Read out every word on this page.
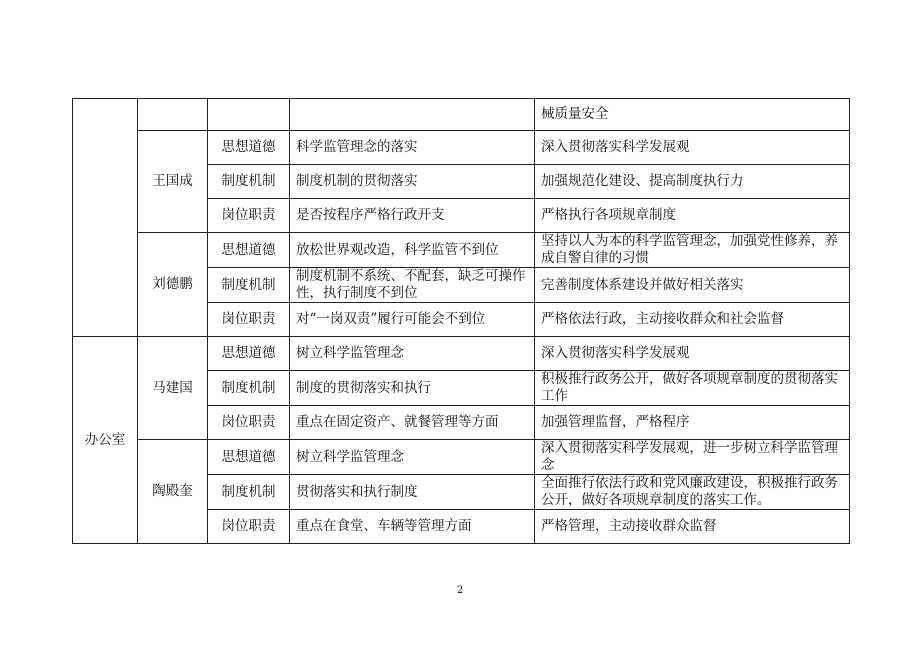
				械质量安全
	王国成	思想道德	科学监管理念的落实	深入贯彻落实科学发展观
		制度机制	制度机制的贯彻落实	加强规范化建设、提高制度执行力
		岗位职责	是否按程序严格行政开支	严格执行各项规章制度
	刘德鹏	思想道德	放松世界观改造，科学监管不到位	坚持以人为本的科学监管理念，加强党性修养，养成自警自律的习惯
		制度机制	制度机制不系统、不配套，缺乏可操作性，执行制度不到位	完善制度体系建设并做好相关落实
		岗位职责	对“一岗双责”履行可能会不到位	严格依法行政，主动接收群众和社会监督
办公室	马建国	思想道德	树立科学监管理念	深入贯彻落实科学发展观
		制度机制	制度的贯彻落实和执行	积极推行政务公开，做好各项规章制度的贯彻落实工作
		岗位职责	重点在固定资产、就餐管理等方面	加强管理监督，严格程序
	陶殿奎	思想道德	树立科学监管理念	深入贯彻落实科学发展观，进一步树立科学监管理念
		制度机制	贯彻落实和执行制度	全面推行依法行政和党风廉政建设，积极推行政务公开，做好各项规章制度的落实工作。
		岗位职责	重点在食堂、车辆等管理方面	严格管理，主动接收群众监督
2
